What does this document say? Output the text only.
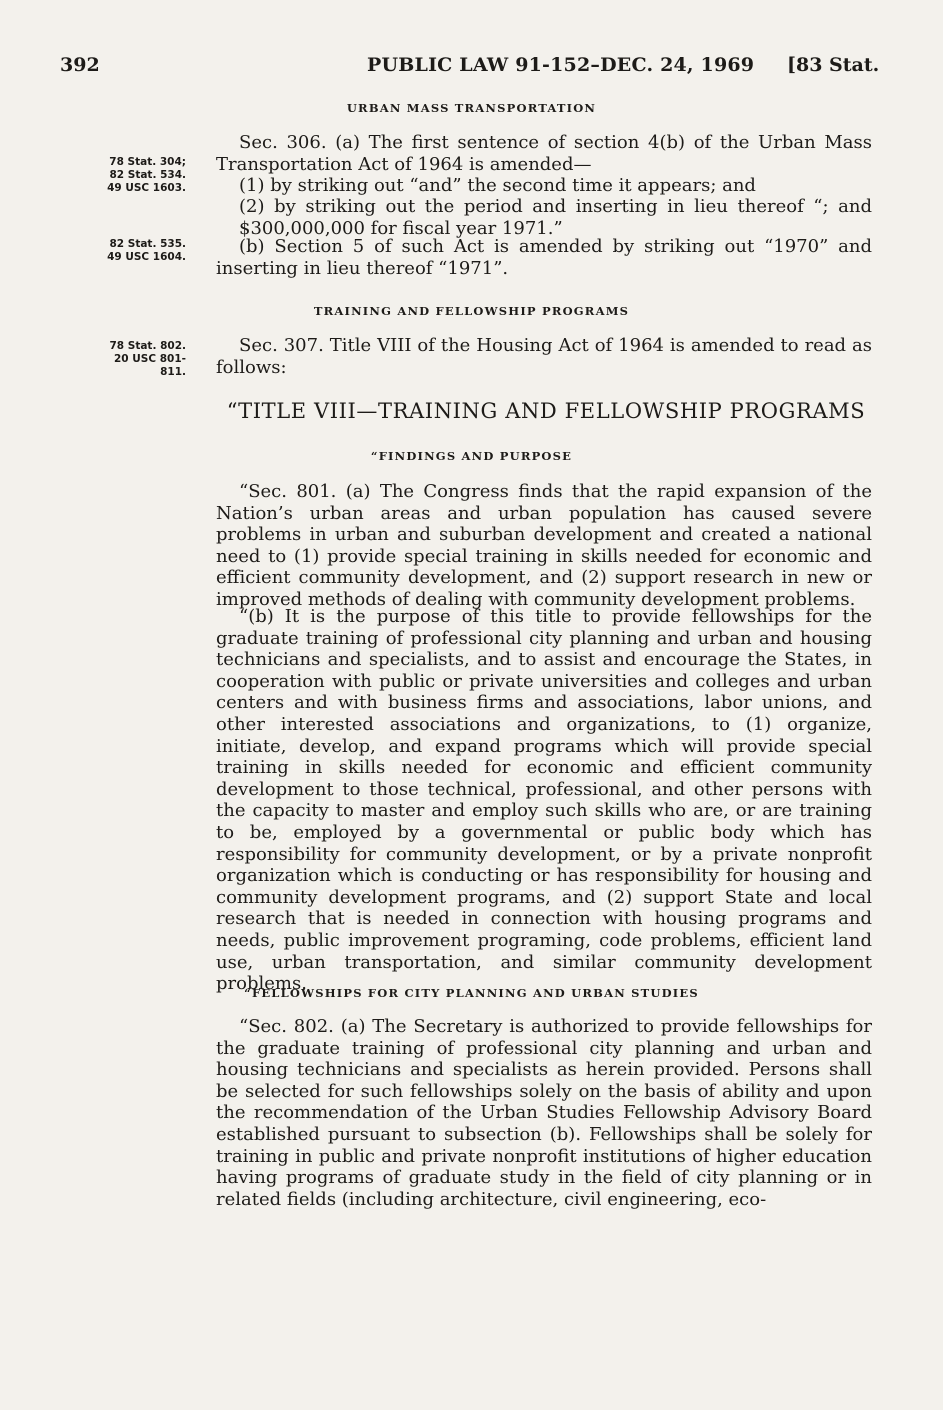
392	PUBLIC LAW 91-152–DEC. 24, 1969 [83 Stat.
URBAN MASS TRANSPORTATION
78 Stat. 304;
82 Stat. 534.
49 USC 1603.
82 Stat. 535.
49 USC 1604.
78 Stat. 802.
20 USC 801-
811.

Sec. 306. (a) The first sentence of section 4(b) of the Urban Mass Transportation Act of 1964 is amended—

(1) by striking out “and” the second time it appears; and

(2) by striking out the period and inserting in lieu thereof “; and $300,000,000 for fiscal year 1971.”

(b) Section 5 of such Act is amended by striking out “1970” and inserting in lieu thereof “1971”.

TRAINING AND FELLOWSHIP PROGRAMS

Sec. 307. Title VIII of the Housing Act of 1964 is amended to read as follows:

“TITLE VIII—TRAINING AND FELLOWSHIP PROGRAMS
“FINDINGS AND PURPOSE

“Sec. 801. (a) The Congress finds that the rapid expansion of the Nation’s urban areas and urban population has caused severe problems in urban and suburban development and created a national need to (1) provide special training in skills needed for economic and efficient community development, and (2) support research in new or improved methods of dealing with community development problems.

“(b) It is the purpose of this title to provide fellowships for the graduate training of professional city planning and urban and housing technicians and specialists, and to assist and encourage the States, in cooperation with public or private universities and colleges and urban centers and with business firms and associations, labor unions, and other interested associations and organizations, to (1) organize, initiate, develop, and expand programs which will provide special training in skills needed for economic and efficient community development to those technical, professional, and other persons with the capacity to master and employ such skills who are, or are training to be, employed by a governmental or public body which has responsibility for community development, or by a private nonprofit organization which is conducting or has responsibility for housing and community development programs, and (2) support State and local research that is needed in connection with housing programs and needs, public improvement programing, code problems, efficient land use, urban transportation, and similar community development problems.

“FELLOWSHIPS FOR CITY PLANNING AND URBAN STUDIES

“Sec. 802. (a) The Secretary is authorized to provide fellowships for the graduate training of professional city planning and urban and housing technicians and specialists as herein provided. Persons shall be selected for such fellowships solely on the basis of ability and upon the recommendation of the Urban Studies Fellowship Advisory Board established pursuant to subsection (b). Fellowships shall be solely for training in public and private nonprofit institutions of higher education having programs of graduate study in the field of city planning or in related fields (including architecture, civil engineering, eco-
